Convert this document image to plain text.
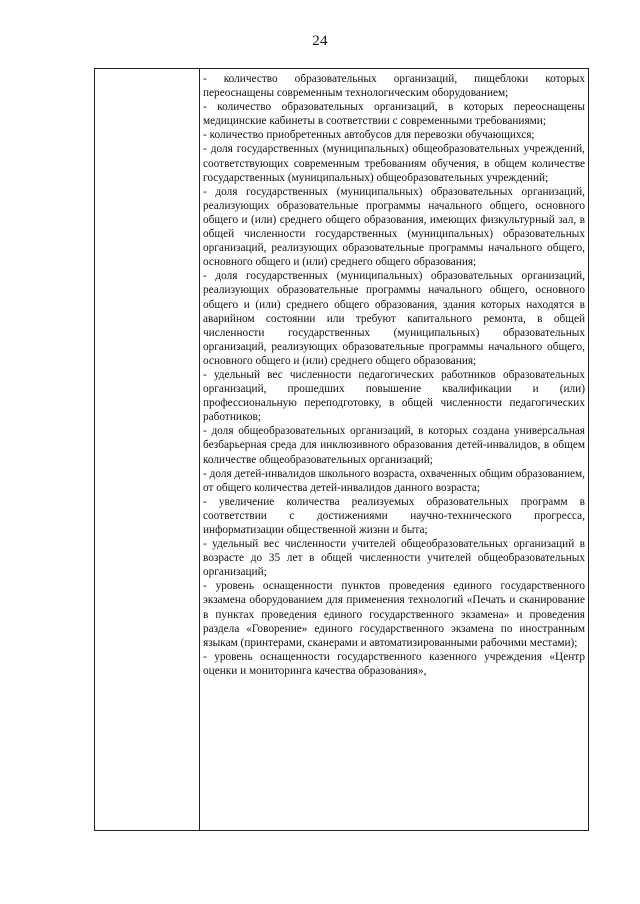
24

- количество образовательных организаций, пищеблоки которых переоснащены современным технологическим оборудованием;

- количество образовательных организаций, в которых переоснащены медицинские кабинеты в соответствии с современными требованиями;

- количество приобретенных автобусов для перевозки обучающихся;

- доля государственных (муниципальных) общеобразовательных учреждений, соответствующих современным требованиям обучения, в общем количестве государственных (муниципальных) общеобразовательных учреждений;

- доля государственных (муниципальных) образовательных организаций, реализующих образовательные программы начального общего, основного общего и (или) среднего общего образования, имеющих физкультурный зал, в общей численности государственных (муниципальных) образовательных организаций, реализующих образовательные программы начального общего, основного общего и (или) среднего общего образования;

- доля государственных (муниципальных) образовательных организаций, реализующих образовательные программы начального общего, основного общего и (или) среднего общего образования, здания которых находятся в аварийном состоянии или требуют капитального ремонта, в общей численности государственных (муниципальных) образовательных организаций, реализующих образовательные программы начального общего, основного общего и (или) среднего общего образования;

- удельный вес численности педагогических работников образовательных организаций, прошедших повышение квалификации и (или) профессиональную переподготовку, в общей численности педагогических работников;

- доля общеобразовательных организаций, в которых создана универсальная безбарьерная среда для инклюзивного образования детей-инвалидов, в общем количестве общеобразовательных организаций;

- доля детей-инвалидов школьного возраста, охваченных общим образованием, от общего количества детей-инвалидов данного возраста;

- увеличение количества реализуемых образовательных программ в соответствии с достижениями научно-технического прогресса, информатизации общественной жизни и быта;

- удельный вес численности учителей общеобразовательных организаций в возрасте до 35 лет в общей численности учителей общеобразовательных организаций;

- уровень оснащенности пунктов проведения единого государственного экзамена оборудованием для применения технологий «Печать и сканирование в пунктах проведения единого государственного экзамена» и проведения раздела «Говорение» единого государственного экзамена по иностранным языкам (принтерами, сканерами и автоматизированными рабочими местами);

- уровень оснащенности государственного казенного учреждения «Центр оценки и мониторинга качества образования»,
